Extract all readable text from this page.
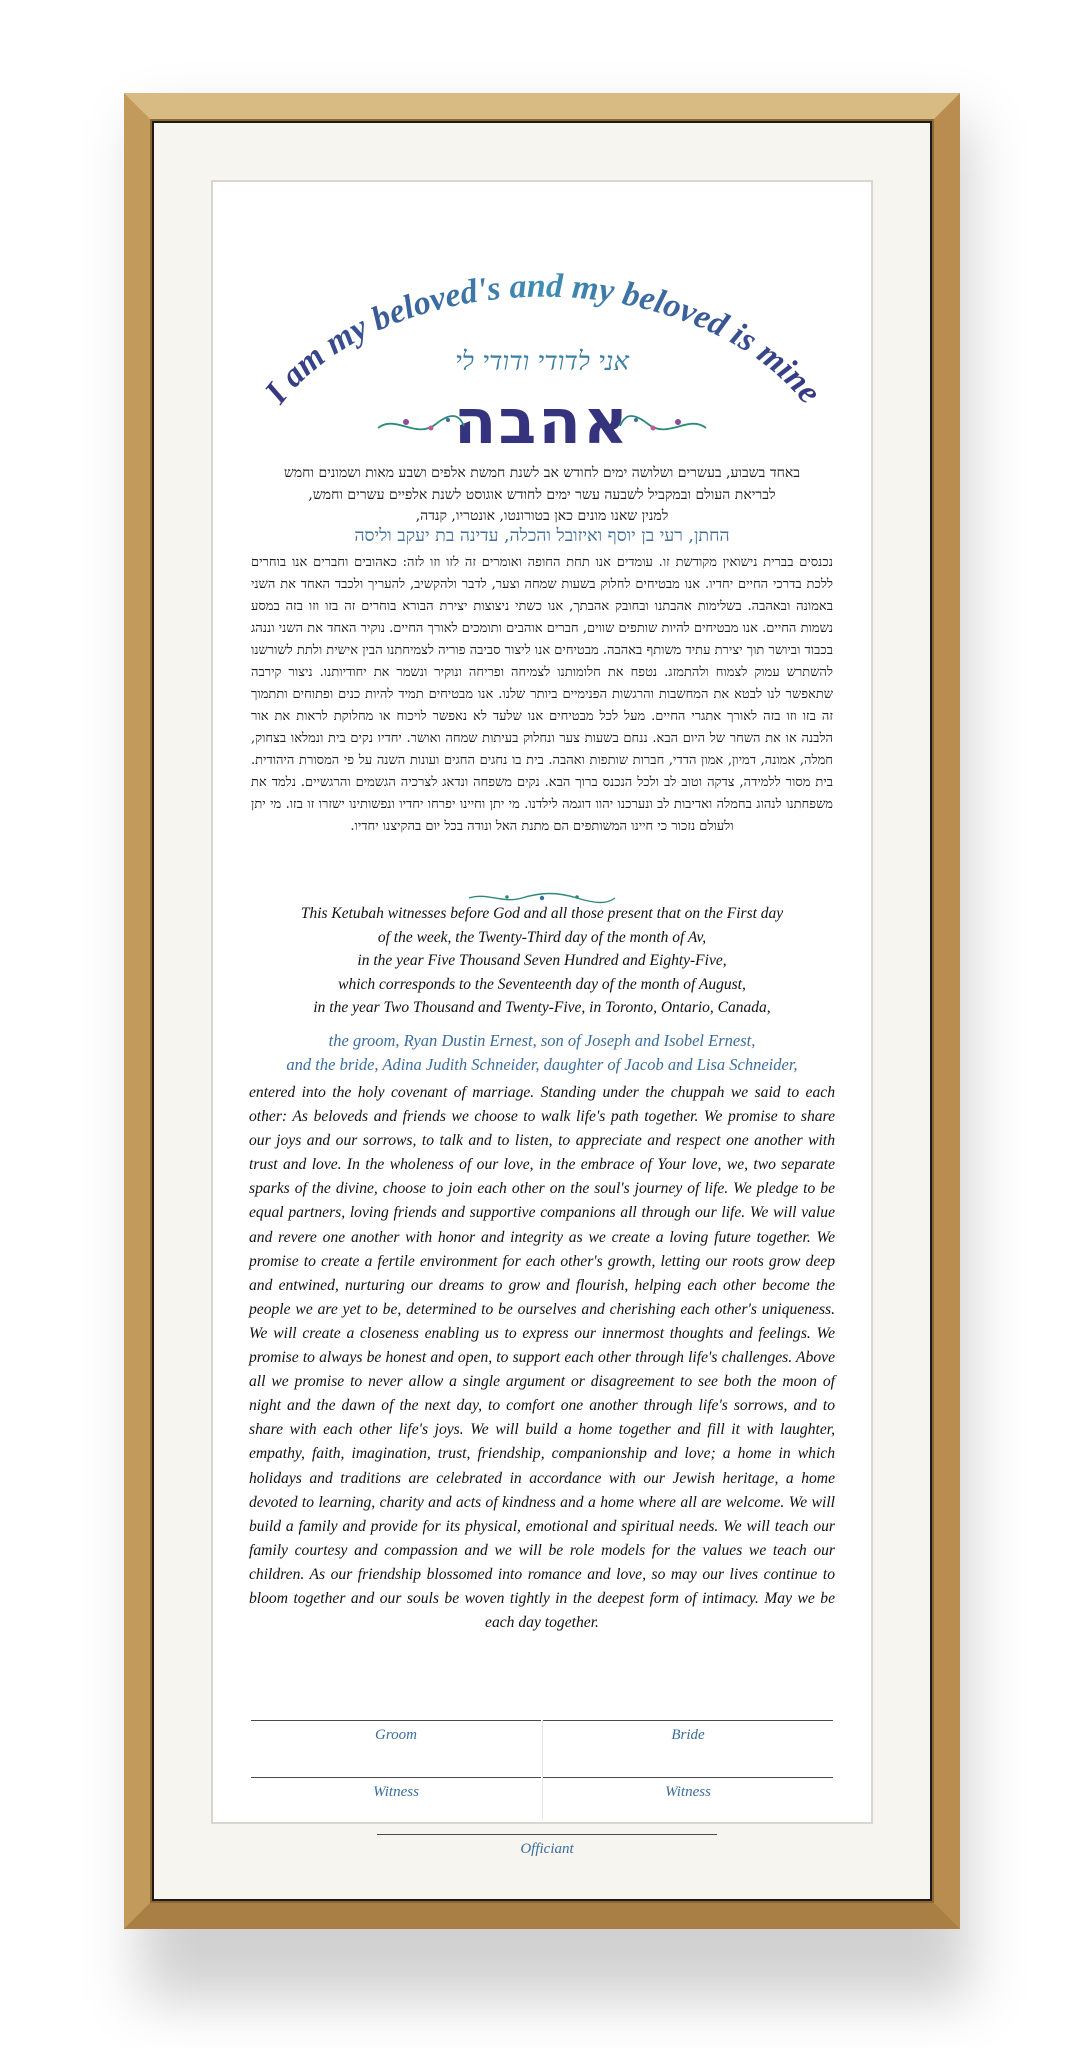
I am my beloved's and my beloved is mine
אני לדודי ודודי לי
אהבה
באחד בשבוע, בעשרים ושלושה ימים לחודש אב לשנת חמשת אלפים ושבע מאות ושמונים וחמש
לבריאת העולם ובמקביל לשבעה עשר ימים לחודש אוגוסט לשנת אלפיים עשרים וחמש,
למנין שאנו מונים כאן בטורונטו, אונטריו, קנדה,
החתן, רעי בן יוסף ואיזובל והכלה, עדינה בת יעקב וליסה
נכנסים בברית נישואין מקודשת זו. עומדים אנו תחת החופה ואומרים זה לזו וזו לזה: כאהובים וחברים אנו בוחרים ללכת בדרכי החיים יחדיו. אנו מבטיחים לחלוק בשעות שמחה וצער, לדבר ולהקשיב, להעריך ולכבד האחד את השני באמונה ובאהבה. בשלימות אהבתנו ובחובק אהבתך, אנו כשתי ניצוצות יצירת הבורא בוחרים זה בזו וזו בזה במסע נשמות החיים. אנו מבטיחים להיות שותפים שווים, חברים אוהבים ותומכים לאורך החיים. נוקיר האחד את השני וננהג בכבוד וביושר תוך יצירת עתיד משותף באהבה. מבטיחים אנו ליצור סביבה פוריה לצמיחתנו הבין אישית ולתת לשורשנו להשתרש עמוק לצמוח ולהתמזג. נטפח את חלומותנו לצמיחה ופריחה ונוקיר ונשמר את יחודיותנו. ניצור קירבה שתאפשר לנו לבטא את המחשבות והרגשות הפנימיים ביותר שלנו. אנו מבטיחים תמיד להיות כנים ופתוחים ותתמוך זה בזו וזו בזה לאורך אתגרי החיים. מעל לכל מבטיחים אנו שלעד לא נאפשר לויכוח או מחלוקת לראות את אור הלבנה או את השחר של היום הבא. ננחם בשעות צער ונחלוק בעיתות שמחה ואושר. יחדיו נקים בית ונמלאו בצחוק, חמלה, אמונה, דמיון, אמון הדדי, חברות שותפות ואהבה. בית בו נחגים החגים ועונות השנה על פי המסורת היהודית. בית מסור ללמידה, צדקה וטוב לב ולכל הנכנס ברוך הבא. נקים משפחה ונדאג לצרכיה הגשמים והרגשיים. נלמד את משפחתנו לנהוג בחמלה ואדיבות לב ונערכנו יהוו דוגמה לילדנו. מי יתן וחיינו יפרחו יחדיו ונפשותינו ישזרו זו בזו. מי יתן ולעולם נזכור כי חיינו המשותפים הם מתנת האל ונודה בכל יום בהקיצנו יחדיו.
This Ketubah witnesses before God and all those present that on the First day
of the week, the Twenty-Third day of the month of Av,
in the year Five Thousand Seven Hundred and Eighty-Five,
which corresponds to the Seventeenth day of the month of August,
in the year Two Thousand and Twenty-Five, in Toronto, Ontario, Canada,
the groom, Ryan Dustin Ernest, son of Joseph and Isobel Ernest,
and the bride, Adina Judith Schneider, daughter of Jacob and Lisa Schneider,
entered into the holy covenant of marriage. Standing under the chuppah we said to each other: As beloveds and friends we choose to walk life's path together. We promise to share our joys and our sorrows, to talk and to listen, to appreciate and respect one another with trust and love. In the wholeness of our love, in the embrace of Your love, we, two separate sparks of the divine, choose to join each other on the soul's journey of life. We pledge to be equal partners, loving friends and supportive companions all through our life. We will value and revere one another with honor and integrity as we create a loving future together. We promise to create a fertile environment for each other's growth, letting our roots grow deep and entwined, nurturing our dreams to grow and flourish, helping each other become the people we are yet to be, determined to be ourselves and cherishing each other's uniqueness. We will create a closeness enabling us to express our innermost thoughts and feelings. We promise to always be honest and open, to support each other through life's challenges. Above all we promise to never allow a single argument or disagreement to see both the moon of night and the dawn of the next day, to comfort one another through life's sorrows, and to share with each other life's joys. We will build a home together and fill it with laughter, empathy, faith, imagination, trust, friendship, companionship and love; a home in which holidays and traditions are celebrated in accordance with our Jewish heritage, a home devoted to learning, charity and acts of kindness and a home where all are welcome. We will build a family and provide for its physical, emotional and spiritual needs. We will teach our family courtesy and compassion and we will be role models for the values we teach our children. As our friendship blossomed into romance and love, so may our lives continue to bloom together and our souls be woven tightly in the deepest form of intimacy. May we be each day together.
Groom	Bride
Witness	Witness
Officiant
